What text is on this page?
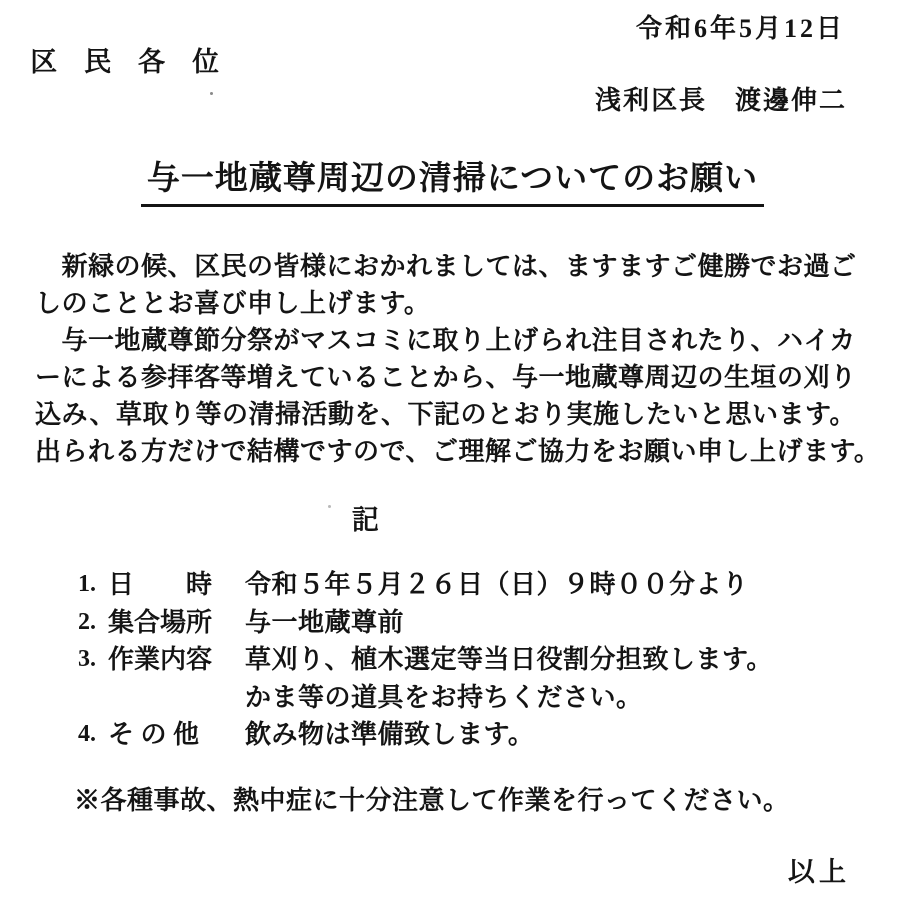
令和6年5月12日
区　民　各　位
浅利区長　渡邊伸二
与一地蔵尊周辺の清掃についてのお願い
　新緑の候、区民の皆様におかれましては、ますますご健勝でお過ご
しのこととお喜び申し上げます。
　与一地蔵尊節分祭がマスコミに取り上げられ注目されたり、ハイカ
ーによる参拝客等増えていることから、与一地蔵尊周辺の生垣の刈り
込み、草取り等の清掃活動を、下記のとおり実施したいと思います。
出られる方だけで結構ですので、ご理解ご協力をお願い申し上げます。
記
1. 日　　時	令和５年５月２６日（日）９時００分より
2. 集合場所	与一地蔵尊前
3. 作業内容	草刈り、植木選定等当日役割分担致します。
かま等の道具をお持ちください。
4. そ の 他	飲み物は準備致します。
※各種事故、熱中症に十分注意して作業を行ってください。
以上
